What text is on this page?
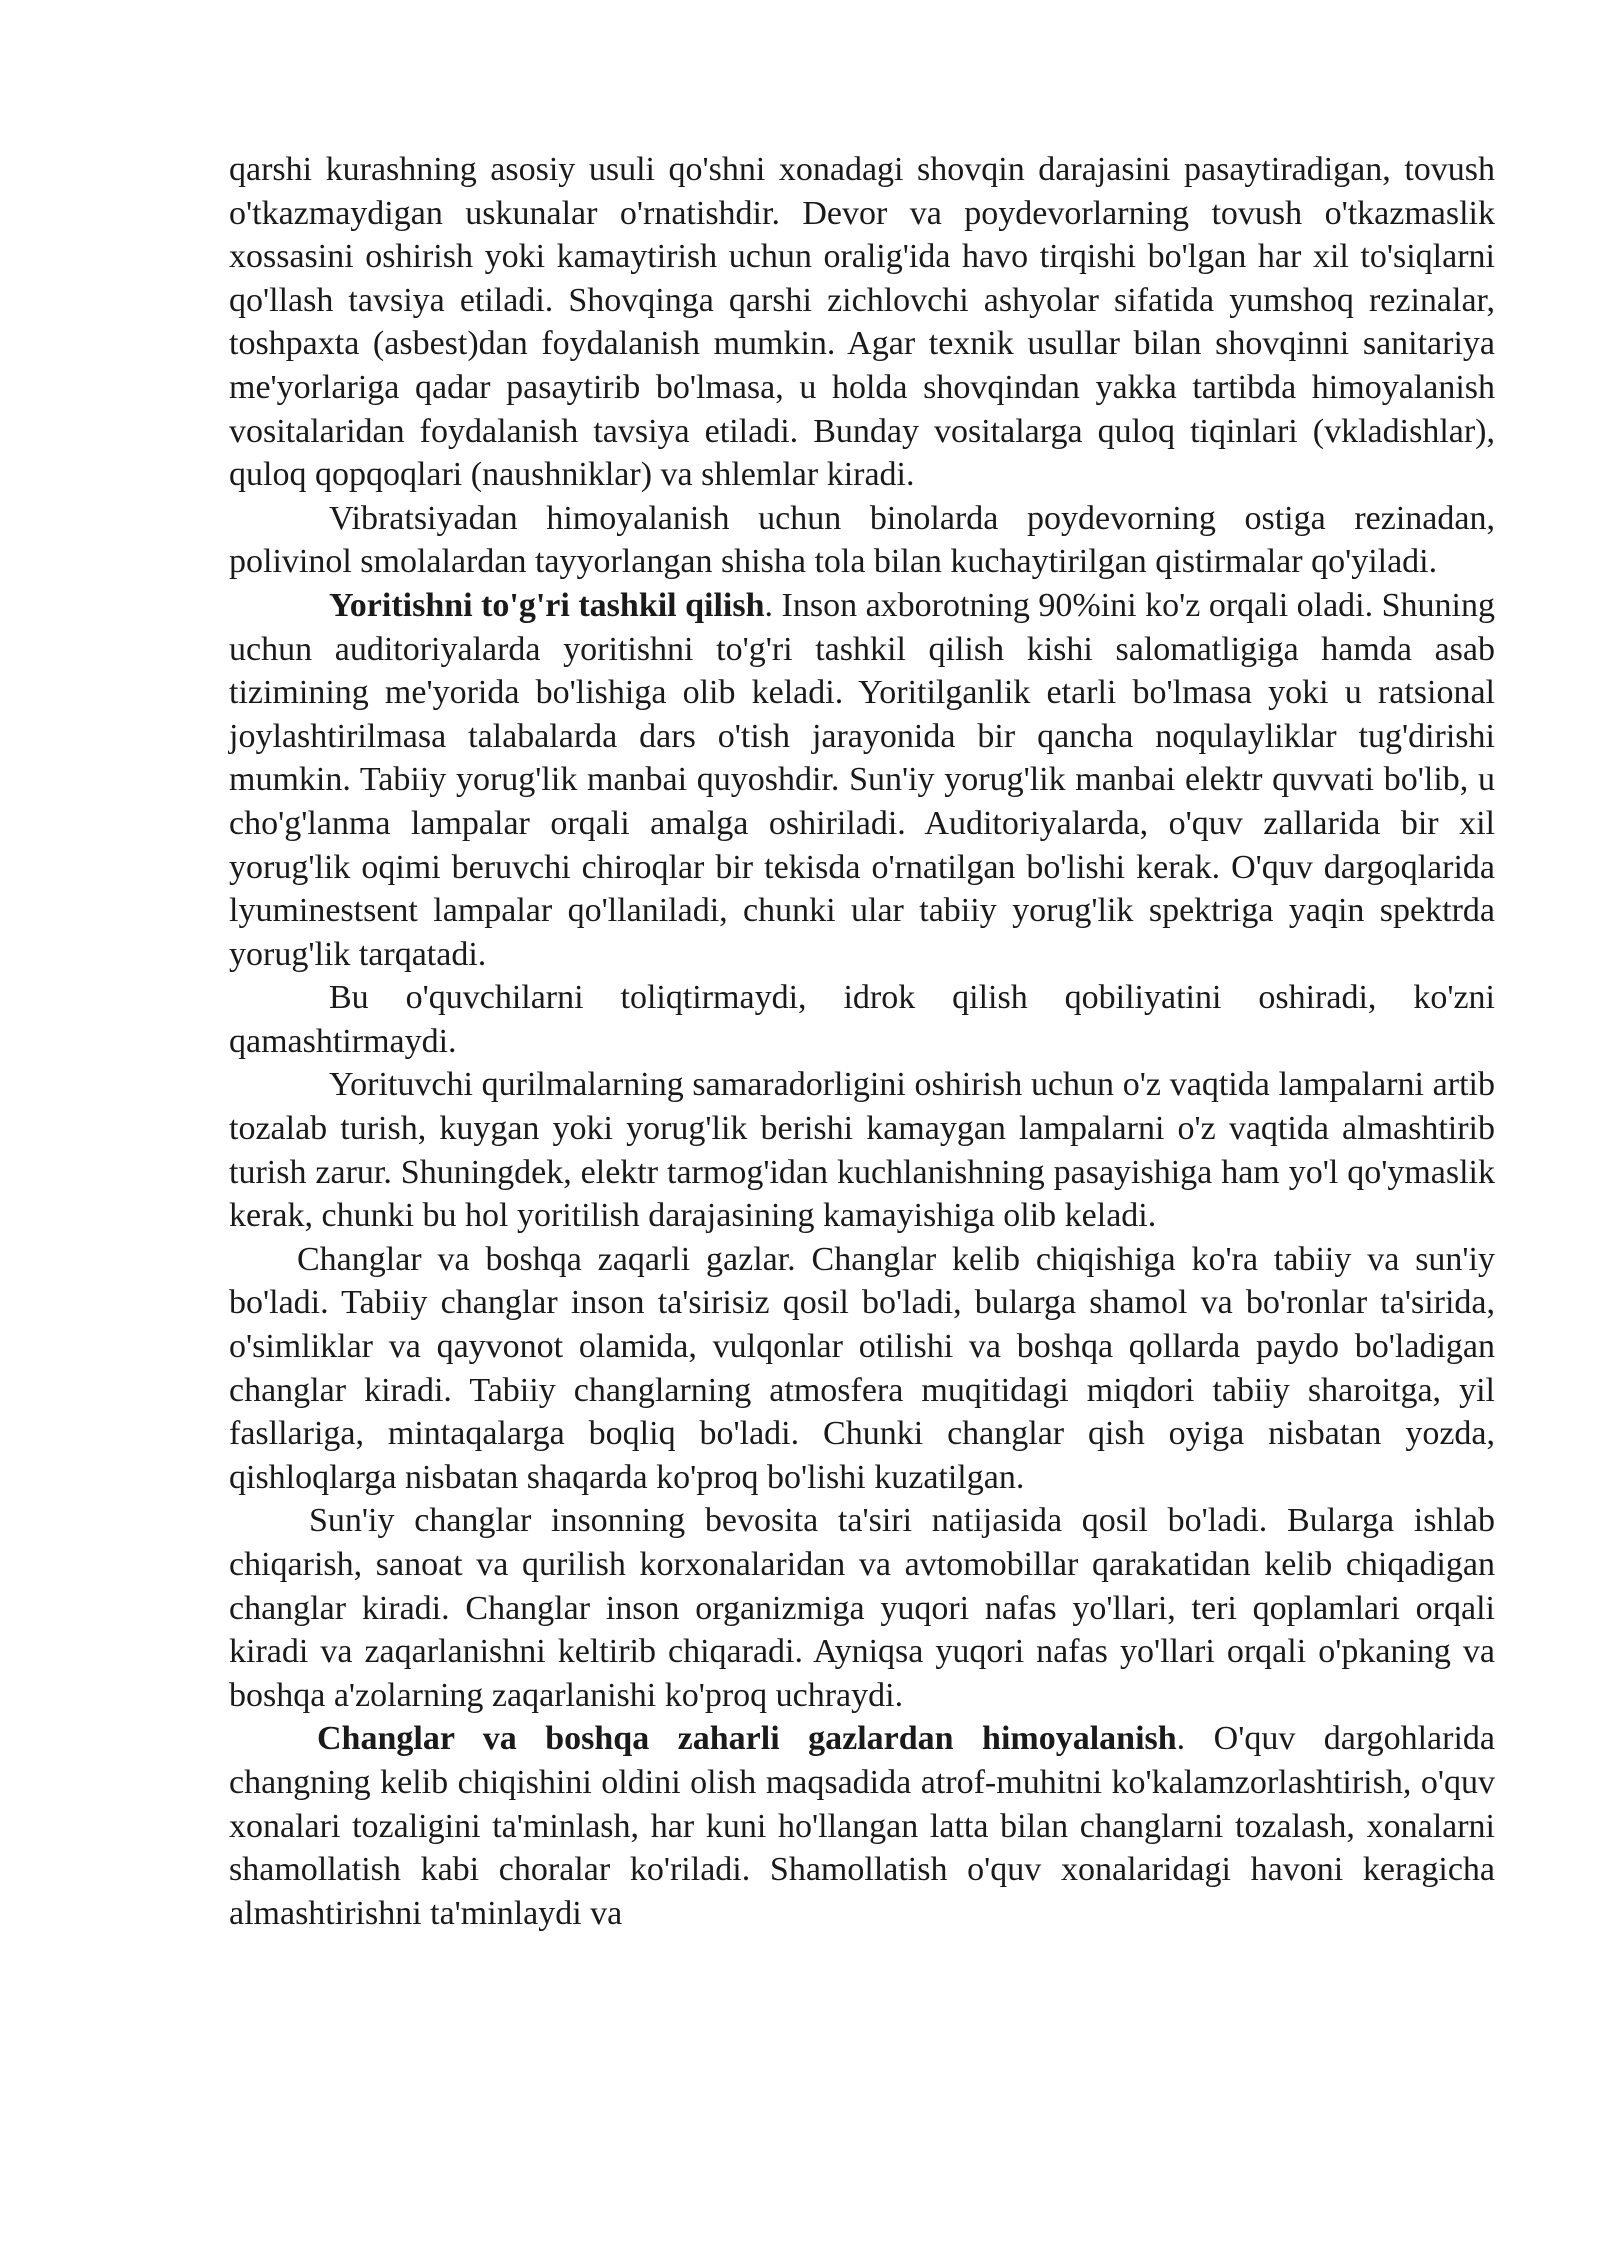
qarshi kurashning asosiy usuli qo'shni xonadagi shovqin darajasini pasaytiradigan, tovush o'tkazmaydigan uskunalar o'rnatishdir. Devor va poydevorlarning tovush o'tkazmaslik xossasini oshirish yoki kamaytirish uchun oralig'ida havo tirqishi bo'lgan har xil to'siqlarni qo'llash tavsiya etiladi. Shovqinga qarshi zichlovchi ashyolar sifatida yumshoq rezinalar, toshpaxta (asbest)dan foydalanish mumkin. Agar texnik usullar bilan shovqinni sanitariya me'yorlariga qadar pasaytirib bo'lmasa, u holda shovqindan yakka tartibda himoyalanish vositalaridan foydalanish tavsiya etiladi. Bunday vositalarga quloq tiqinlari (vkladishlar), quloq qopqoqlari (naushniklar) va shlemlar kiradi.

Vibratsiyadan himoyalanish uchun binolarda poydevorning ostiga rezinadan, polivinol smolalardan tayyorlangan shisha tola bilan kuchaytirilgan qistirmalar qo'yiladi.

Yoritishni to'g'ri tashkil qilish. Inson axborotning 90%ini ko'z orqali oladi. Shuning uchun auditoriyalarda yoritishni to'g'ri tashkil qilish kishi salomatligiga hamda asab tizimining me'yorida bo'lishiga olib keladi. Yoritilganlik etarli bo'lmasa yoki u ratsional joylashtirilmasa talabalarda dars o'tish jarayonida bir qancha noqulayliklar tug'dirishi mumkin. Tabiiy yorug'lik manbai quyoshdir. Sun'iy yorug'lik manbai elektr quvvati bo'lib, u cho'g'lanma lampalar orqali amalga oshiriladi. Auditoriyalarda, o'quv zallarida bir xil yorug'lik oqimi beruvchi chiroqlar bir tekisda o'rnatilgan bo'lishi kerak. O'quv dargoqlarida lyuminestsent lampalar qo'llaniladi, chunki ular tabiiy yorug'lik spektriga yaqin spektrda yorug'lik tarqatadi.

Bu o'quvchilarni toliqtirmaydi, idrok qilish qobiliyatini oshiradi, ko'zni qamashtirmaydi.

Yorituvchi qurilmalarning samaradorligini oshirish uchun o'z vaqtida lampalarni artib tozalab turish, kuygan yoki yorug'lik berishi kamaygan lampalarni o'z vaqtida almashtirib turish zarur. Shuningdek, elektr tarmog'idan kuchlanishning pasayishiga ham yo'l qo'ymaslik kerak, chunki bu hol yoritilish darajasining kamayishiga olib keladi.

Changlar va boshqa zaqarli gazlar. Changlar kelib chiqishiga ko'ra tabiiy va sun'iy bo'ladi. Tabiiy changlar inson ta'sirisiz qosil bo'ladi, bularga shamol va bo'ronlar ta'sirida, o'simliklar va qayvonot olamida, vulqonlar otilishi va boshqa qollarda paydo bo'ladigan changlar kiradi. Tabiiy changlarning atmosfera muqitidagi miqdori tabiiy sharoitga, yil fasllariga, mintaqalarga boqliq bo'ladi. Chunki changlar qish oyiga nisbatan yozda, qishloqlarga nisbatan shaqarda ko'proq bo'lishi kuzatilgan.

Sun'iy changlar insonning bevosita ta'siri natijasida qosil bo'ladi. Bularga ishlab chiqarish, sanoat va qurilish korxonalaridan va avtomobillar qarakatidan kelib chiqadigan changlar kiradi. Changlar inson organizmiga yuqori nafas yo'llari, teri qoplamlari orqali kiradi va zaqarlanishni keltirib chiqaradi. Ayniqsa yuqori nafas yo'llari orqali o'pkaning va boshqa a'zolarning zaqarlanishi ko'proq uchraydi.

Changlar va boshqa zaharli gazlardan himoyalanish. O'quv dargohlarida changning kelib chiqishini oldini olish maqsadida atrof-muhitni ko'kalamzorlashtirish, o'quv xonalari tozaligini ta'minlash, har kuni ho'llangan latta bilan changlarni tozalash, xonalarni shamollatish kabi choralar ko'riladi. Shamollatish o'quv xonalaridagi havoni keragicha almashtirishni ta'minlaydi va
